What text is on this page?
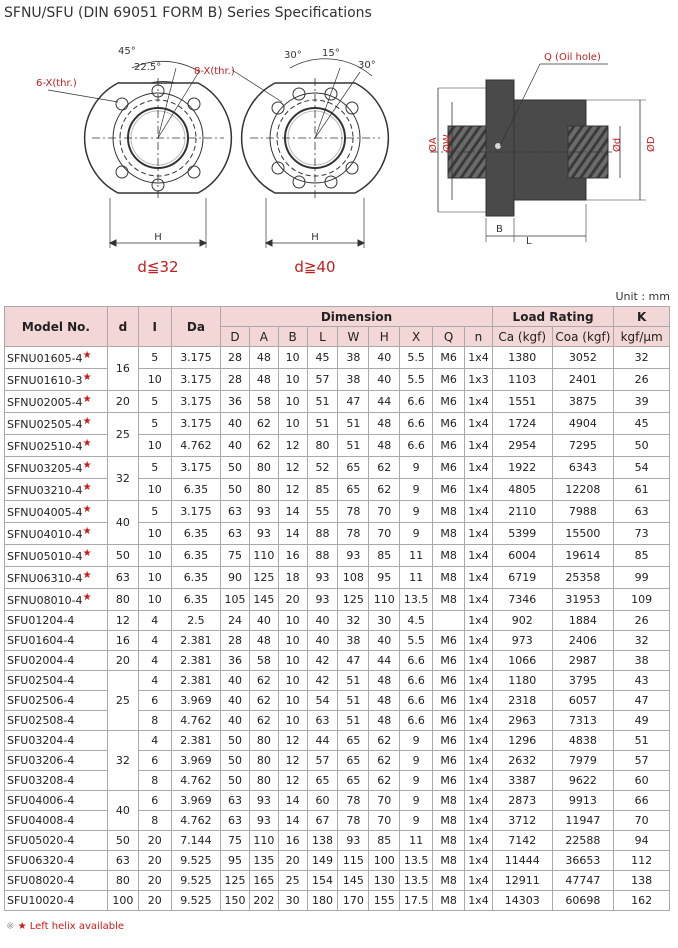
SFNU/SFU (DIN 69051 FORM B) Series Specifications
45°
22.5°
6-X(thr.)
H
d≦32
8-X(thr.)
30° 15°
30°
H
d≧40
Q (Oil hole)
ØA ØW	Ød ØD
B
L
Unit : mm
Model No.	d	I	Da	Dimension									Load Rating		K
				D	A	B	L	W	H	X	Q	n	Ca (kgf)	Coa (kgf)	kgf/μm
SFNU01605-4★	16	5	3.175	28	48	10	45	38	40	5.5	M6	1x4	1380	3052	32
SFNU01610-3★		10	3.175	28	48	10	57	38	40	5.5	M6	1x3	1103	2401	26
SFNU02005-4★	20	5	3.175	36	58	10	51	47	44	6.6	M6	1x4	1551	3875	39
SFNU02505-4★	25	5	3.175	40	62	10	51	51	48	6.6	M6	1x4	1724	4904	45
SFNU02510-4★		10	4.762	40	62	12	80	51	48	6.6	M6	1x4	2954	7295	50
SFNU03205-4★	32	5	3.175	50	80	12	52	65	62	9	M6	1x4	1922	6343	54
SFNU03210-4★		10	6.35	50	80	12	85	65	62	9	M6	1x4	4805	12208	61
SFNU04005-4★	40	5	3.175	63	93	14	55	78	70	9	M8	1x4	2110	7988	63
SFNU04010-4★		10	6.35	63	93	14	88	78	70	9	M8	1x4	5399	15500	73
SFNU05010-4★	50	10	6.35	75	110	16	88	93	85	11	M8	1x4	6004	19614	85
SFNU06310-4★	63	10	6.35	90	125	18	93	108	95	11	M8	1x4	6719	25358	99
SFNU08010-4★	80	10	6.35	105	145	20	93	125	110	13.5	M8	1x4	7346	31953	109
SFU01204-4	12	4	2.5	24	40	10	40	32	30	4.5		1x4	902	1884	26
SFU01604-4	16	4	2.381	28	48	10	40	38	40	5.5	M6	1x4	973	2406	32
SFU02004-4	20	4	2.381	36	58	10	42	47	44	6.6	M6	1x4	1066	2987	38
SFU02504-4	25	4	2.381	40	62	10	42	51	48	6.6	M6	1x4	1180	3795	43
SFU02506-4		6	3.969	40	62	10	54	51	48	6.6	M6	1x4	2318	6057	47
SFU02508-4		8	4.762	40	62	10	63	51	48	6.6	M6	1x4	2963	7313	49
SFU03204-4	32	4	2.381	50	80	12	44	65	62	9	M6	1x4	1296	4838	51
SFU03206-4		6	3.969	50	80	12	57	65	62	9	M6	1x4	2632	7979	57
SFU03208-4		8	4.762	50	80	12	65	65	62	9	M6	1x4	3387	9622	60
SFU04006-4	40	6	3.969	63	93	14	60	78	70	9	M8	1x4	2873	9913	66
SFU04008-4		8	4.762	63	93	14	67	78	70	9	M8	1x4	3712	11947	70
SFU05020-4	50	20	7.144	75	110	16	138	93	85	11	M8	1x4	7142	22588	94
SFU06320-4	63	20	9.525	95	135	20	149	115	100	13.5	M8	1x4	11444	36653	112
SFU08020-4	80	20	9.525	125	165	25	154	145	130	13.5	M8	1x4	12911	47747	138
SFU10020-4	100	20	9.525	150	202	30	180	170	155	17.5	M8	1x4	14303	60698	162
※ ★ Left helix available
